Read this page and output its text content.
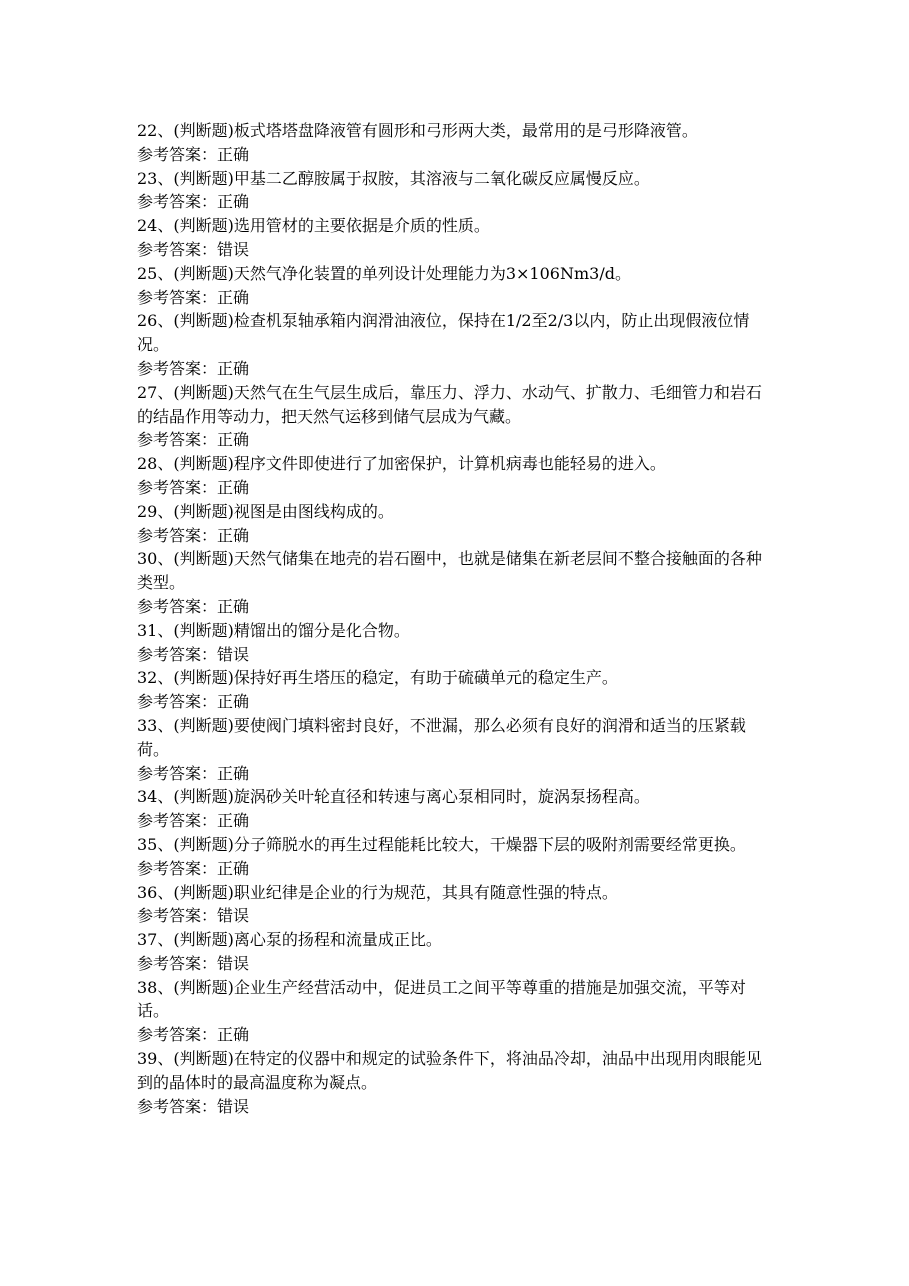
22、(判断题)板式塔塔盘降液管有圆形和弓形两大类，最常用的是弓形降液管。

参考答案：正确

23、(判断题)甲基二乙醇胺属于叔胺，其溶液与二氧化碳反应属慢反应。

参考答案：正确

24、(判断题)选用管材的主要依据是介质的性质。

参考答案：错误

25、(判断题)天然气净化装置的单列设计处理能力为3×106Nm3/d。

参考答案：正确

26、(判断题)检查机泵轴承箱内润滑油液位，保持在1/2至2/3以内，防止出现假液位情况。

参考答案：正确

27、(判断题)天然气在生气层生成后，靠压力、浮力、水动气、扩散力、毛细管力和岩石的结晶作用等动力，把天然气运移到储气层成为气藏。

参考答案：正确

28、(判断题)程序文件即使进行了加密保护，计算机病毒也能轻易的进入。

参考答案：正确

29、(判断题)视图是由图线构成的。

参考答案：正确

30、(判断题)天然气储集在地壳的岩石圈中，也就是储集在新老层间不整合接触面的各种类型。

参考答案：正确

31、(判断题)精馏出的馏分是化合物。

参考答案：错误

32、(判断题)保持好再生塔压的稳定，有助于硫磺单元的稳定生产。

参考答案：正确

33、(判断题)要使阀门填料密封良好，不泄漏，那么必须有良好的润滑和适当的压紧载荷。

参考答案：正确

34、(判断题)旋涡砂关叶轮直径和转速与离心泵相同时，旋涡泵扬程高。

参考答案：正确

35、(判断题)分子筛脱水的再生过程能耗比较大，干燥器下层的吸附剂需要经常更换。

参考答案：正确

36、(判断题)职业纪律是企业的行为规范，其具有随意性强的特点。

参考答案：错误

37、(判断题)离心泵的扬程和流量成正比。

参考答案：错误

38、(判断题)企业生产经营活动中，促进员工之间平等尊重的措施是加强交流，平等对话。

参考答案：正确

39、(判断题)在特定的仪器中和规定的试验条件下，将油品冷却，油品中出现用肉眼能见到的晶体时的最高温度称为凝点。

参考答案：错误
